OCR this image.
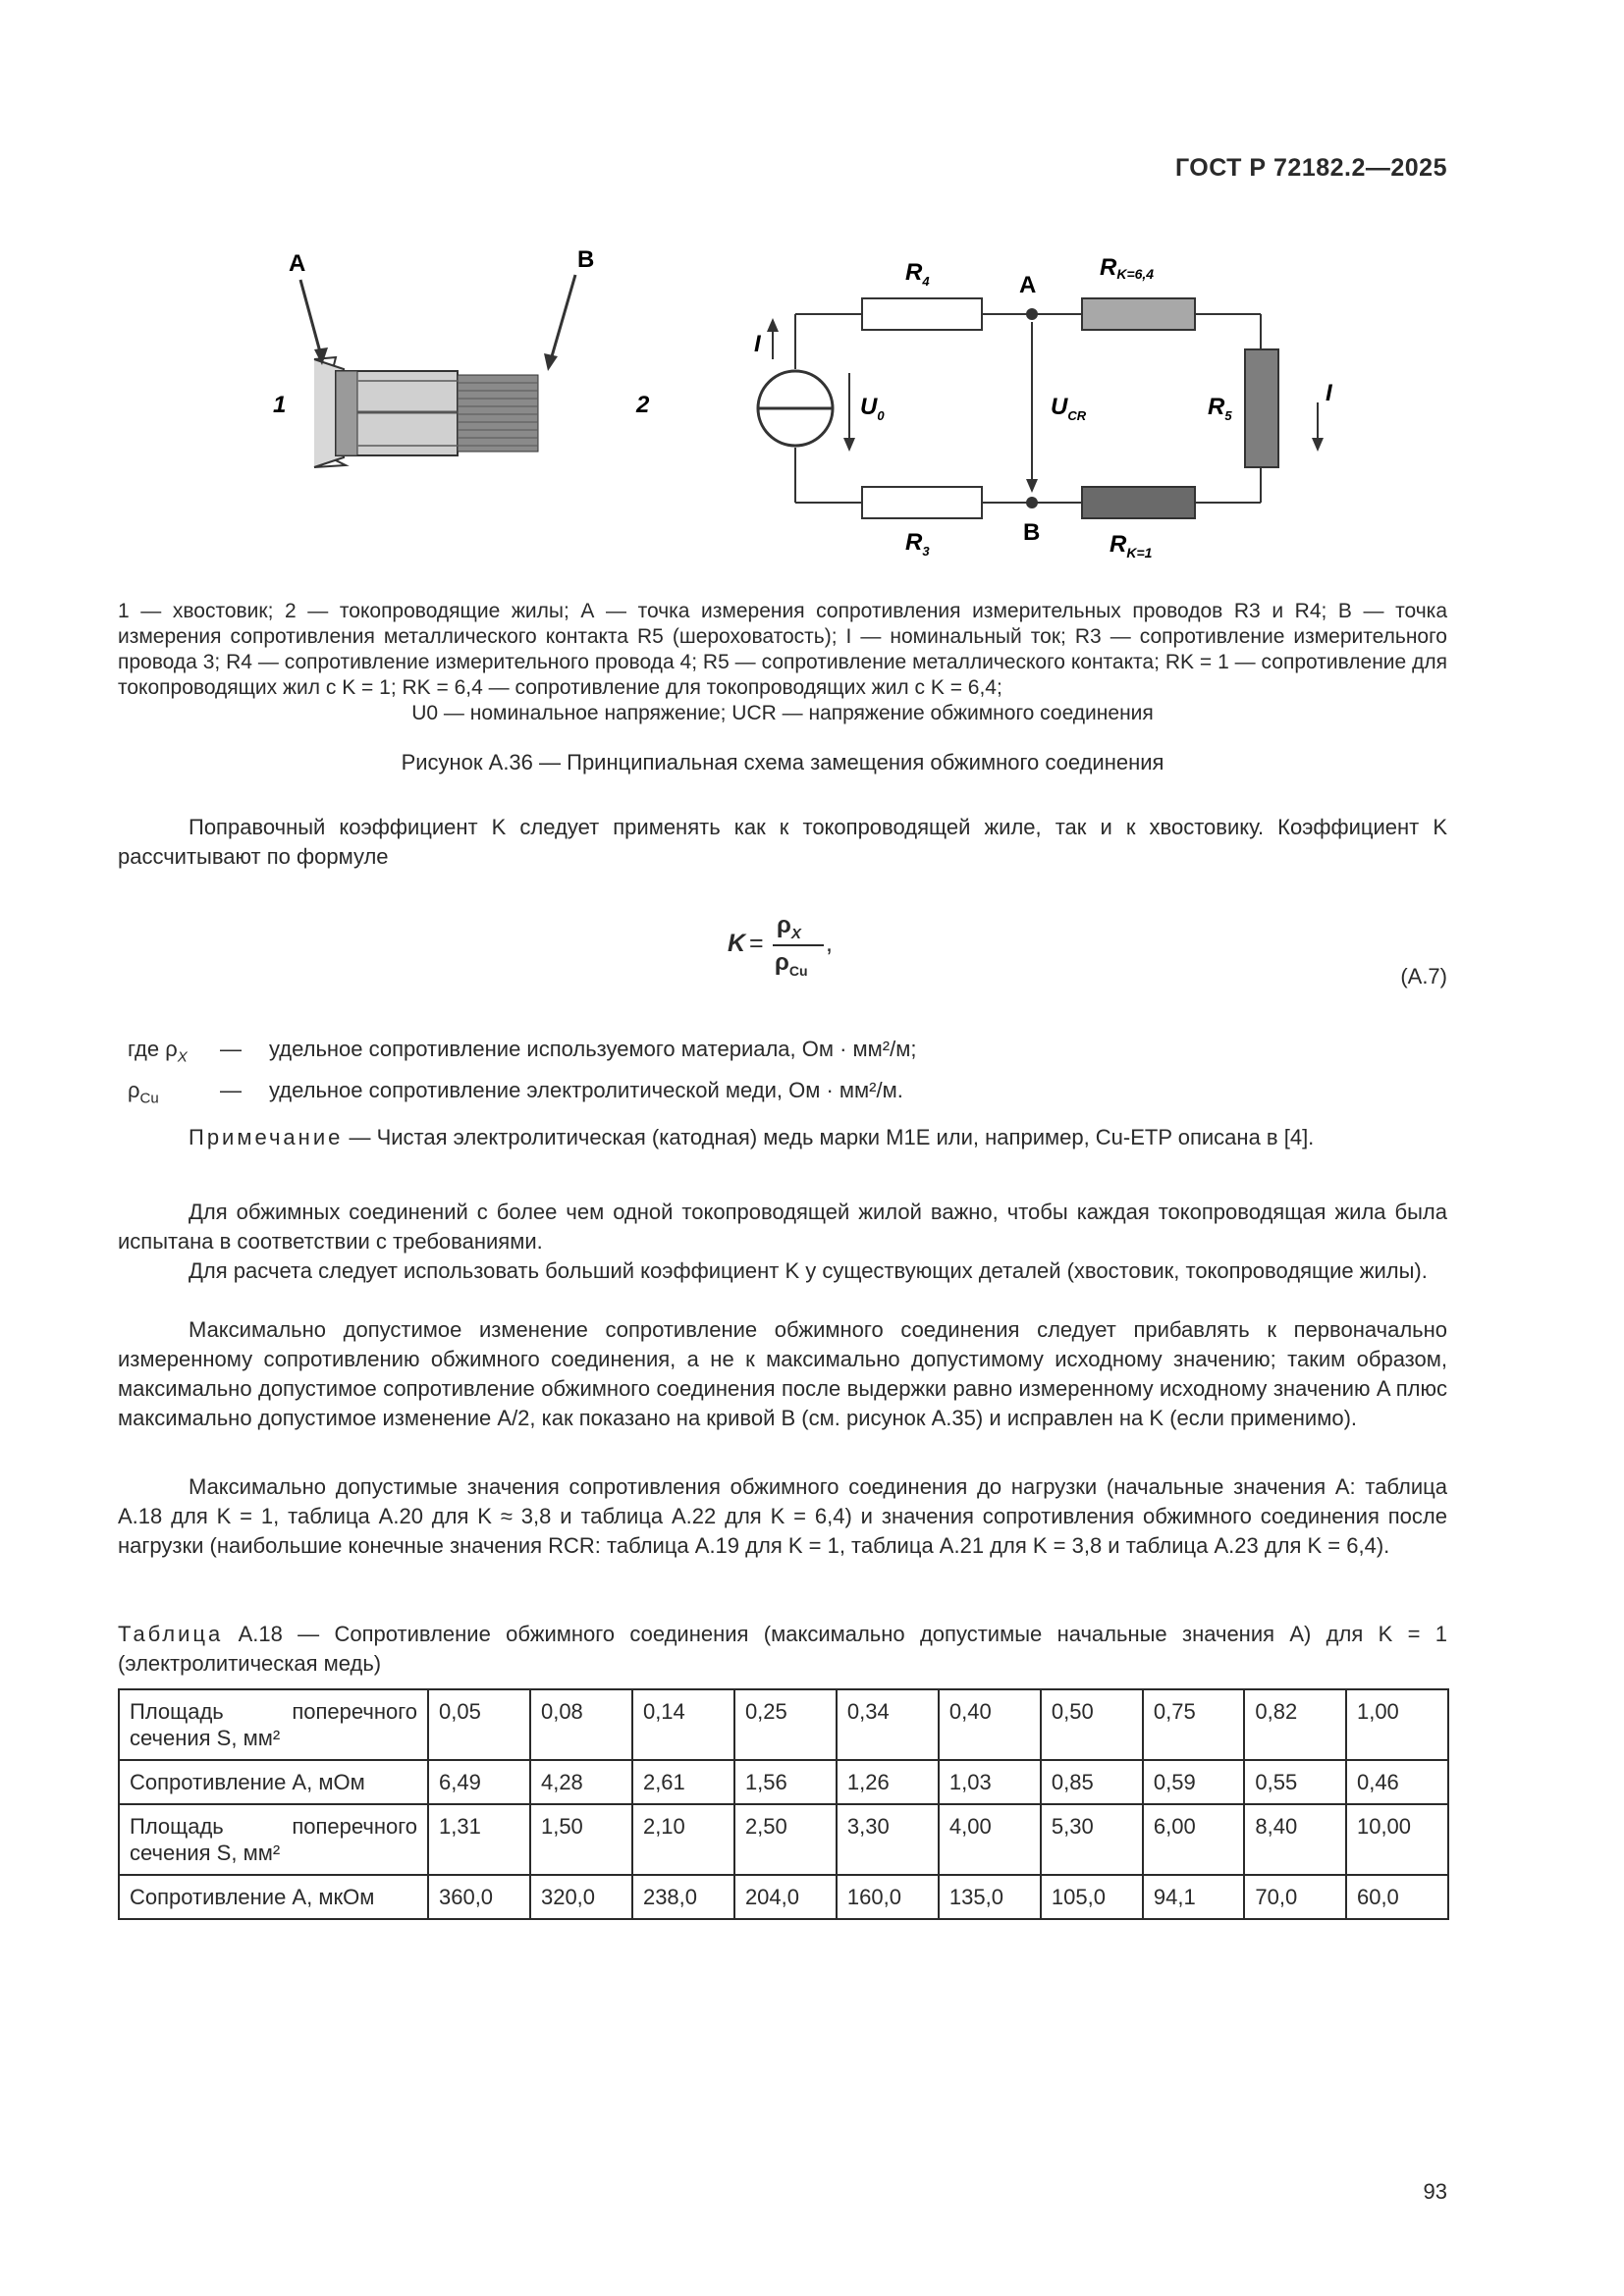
ГОСТ Р 72182.2—2025
A	B
1	2
$R_4$	A
RK=6,4
I
$U_0$	$U_{CR}$	$R_5$
I
$R_3$
B	$R_{K=1}$
1 — хвостовик; 2 — токопроводящие жилы; А — точка измерения сопротивления измерительных проводов R3 и R4; В — точка измерения сопротивления металлического контакта R5 (шероховатость); I — номинальный ток; R3 — сопротивление измерительного провода 3; R4 — сопротивление измерительного провода 4; R5 — сопротивление металлического контакта; RK = 1 — сопротивление для токопроводящих жил с K = 1; RK = 6,4 — сопротивление для токопроводящих жил с K = 6,4;
U0 — номинальное напряжение; UCR — напряжение обжимного соединения
Рисунок А.36 — Принципиальная схема замещения обжимного соединения
Поправочный коэффициент K следует применять как к токопроводящей жиле, так и к хвостовику. Коэффициент K рассчитывают по формуле
K =
$\rho_X$
$\rho_{Cu}$
,
(А.7)
где $\rho_X$ — удельное сопротивление используемого материала, Ом · мм²/м;
$\rho_{Cu}$	— удельное сопротивление электролитической меди, Ом · мм²/м.
Примечание — Чистая электролитическая (катодная) медь марки М1Е или, например, Cu-ETP описана в [4].
Для обжимных соединений с более чем одной токопроводящей жилой важно, чтобы каждая токопроводящая жила была испытана в соответствии с требованиями.
Для расчета следует использовать больший коэффициент K у существующих деталей (хвостовик, токопроводящие жилы).
Максимально допустимое изменение сопротивление обжимного соединения следует прибавлять к первоначально измеренному сопротивлению обжимного соединения, а не к максимально допустимому исходному значению; таким образом, максимально допустимое сопротивление обжимного соединения после выдержки равно измеренному исходному значению A плюс максимально допустимое изменение A/2, как показано на кривой B (см. рисунок А.35) и исправлен на K (если применимо).
Максимально допустимые значения сопротивления обжимного соединения до нагрузки (начальные значения A: таблица А.18 для K = 1, таблица А.20 для K ≈ 3,8 и таблица А.22 для K = 6,4) и значения сопротивления обжимного соединения после нагрузки (наибольшие конечные значения RCR: таблица А.19 для K = 1, таблица А.21 для K = 3,8 и таблица А.23 для K = 6,4).
Таблица А.18 — Сопротивление обжимного соединения (максимально допустимые начальные значения A) для K = 1 (электролитическая медь)
Площадь поперечного сечения S, мм²	0,05	0,08	0,14	0,25	0,34	0,40	0,50	0,75	0,82	1,00
Сопротивление A, мОм	6,49	4,28	2,61	1,56	1,26	1,03	0,85	0,59	0,55	0,46
Площадь поперечного сечения S, мм²	1,31	1,50	2,10	2,50	3,30	4,00	5,30	6,00	8,40	10,00
Сопротивление A, мкОм	360,0	320,0	238,0	204,0	160,0	135,0	105,0	94,1	70,0	60,0
93
